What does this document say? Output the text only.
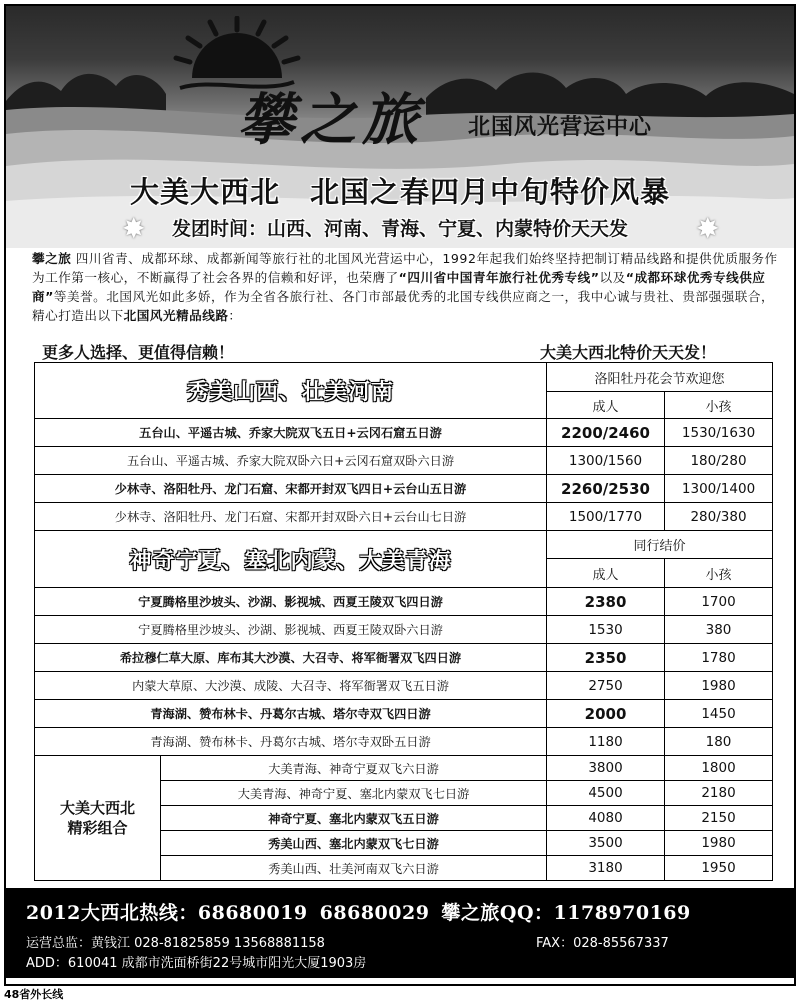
攀之旅 北国风光营运中心
大美大西北　北国之春四月中旬特价风暴
✸	✸
发团时间：山西、河南、青海、宁夏、内蒙特价天天发
攀之旅 四川省青、成都环球、成都新闻等旅行社的北国风光营运中心，1992年起我们始终坚持把制订精品线路和提供优质服务作为工作第一核心，不断赢得了社会各界的信赖和好评，也荣膺了“四川省中国青年旅行社优秀专线”以及“成都环球优秀专线供应商”等美誉。北国风光如此多娇，作为全省各旅行社、各门市部最优秀的北国专线供应商之一，我中心诚与贵社、贵部强强联合，精心打造出以下北国风光精品线路：
更多人选择、更值得信赖！	大美大西北特价天天发！
秀美山西、壮美河南		洛阳牡丹花会节欢迎您	
		成人	小孩
五台山、平遥古城、乔家大院双飞五日+云冈石窟五日游		2200/2460	1530/1630
五台山、平遥古城、乔家大院双卧六日+云冈石窟双卧六日游		1300/1560	180/280
少林寺、洛阳牡丹、龙门石窟、宋都开封双飞四日+云台山五日游		2260/2530	1300/1400
少林寺、洛阳牡丹、龙门石窟、宋都开封双卧六日+云台山七日游		1500/1770	280/380
神奇宁夏、塞北内蒙、大美青海		同行结价	
		成人	小孩
宁夏腾格里沙坡头、沙湖、影视城、西夏王陵双飞四日游		2380	1700
宁夏腾格里沙坡头、沙湖、影视城、西夏王陵双卧六日游		1530	380
希拉穆仁草大原、库布其大沙漠、大召寺、将军衙署双飞四日游		2350	1780
内蒙大草原、大沙漠、成陵、大召寺、将军衙署双飞五日游		2750	1980
青海湖、赞布林卡、丹葛尔古城、塔尔寺双飞四日游		2000	1450
青海湖、赞布林卡、丹葛尔古城、塔尔寺双卧五日游		1180	180

大美大西北
精彩组合	大美青海、神奇宁夏双飞六日游	3800	1800
	大美青海、神奇宁夏、塞北内蒙双飞七日游	4500	2180
	神奇宁夏、塞北内蒙双飞五日游	4080	2150
	秀美山西、塞北内蒙双飞七日游	3500	1980
	秀美山西、壮美河南双飞六日游	3180	1950
2012大西北热线：68680019 68680029 攀之旅QQ：1178970169
运营总监：黄钱江 028-81825859 13568881158	FAX：028-85567337
ADD：610041 成都市洗面桥街22号城市阳光大厦1903房
48省外长线
